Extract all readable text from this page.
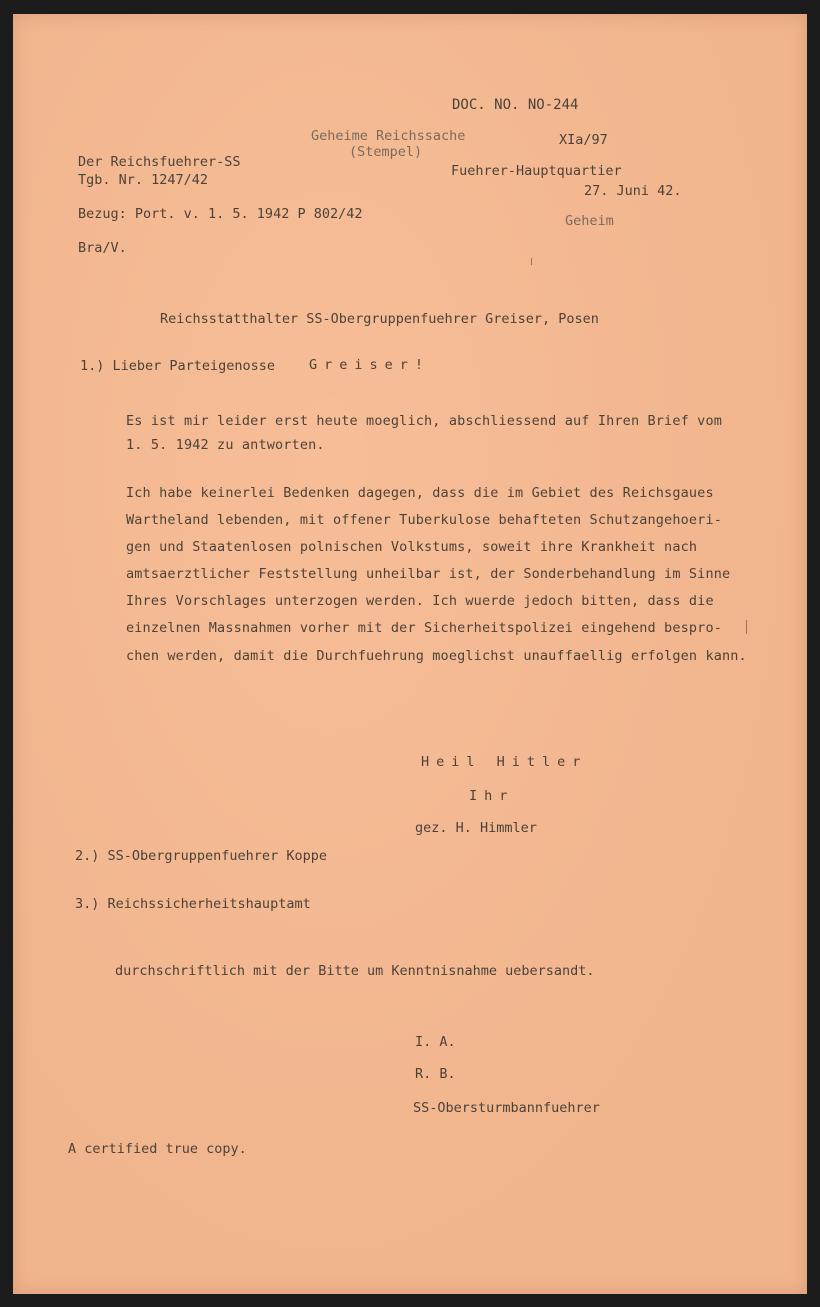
DOC. NO. NO-244
Geheime Reichssache
(Stempel)
XIa/97
Der Reichsfuehrer-SS
Tgb. Nr. 1247/42
Fuehrer-Hauptquartier
27. Juni 42.
Bezug: Port. v. 1. 5. 1942 P 802/42	Geheim
Bra/V.
Reichsstatthalter SS-Obergruppenfuehrer Greiser, Posen
1.) Lieber Parteigenosse	Greiser!
Es ist mir leider erst heute moeglich, abschliessend auf Ihren Brief vom
1. 5. 1942 zu antworten.
Ich habe keinerlei Bedenken dagegen, dass die im Gebiet des Reichsgaues
Wartheland lebenden, mit offener Tuberkulose behafteten Schutzangehoeri-
gen und Staatenlosen polnischen Volkstums, soweit ihre Krankheit nach
amtsaerztlicher Feststellung unheilbar ist, der Sonderbehandlung im Sinne
Ihres Vorschlages unterzogen werden. Ich wuerde jedoch bitten, dass die
einzelnen Massnahmen vorher mit der Sicherheitspolizei eingehend bespro-
chen werden, damit die Durchfuehrung moeglichst unauffaellig erfolgen kann.
Heil Hitler
Ihr
gez. H. Himmler
2.) SS-Obergruppenfuehrer Koppe
3.) Reichssicherheitshauptamt
durchschriftlich mit der Bitte um Kenntnisnahme uebersandt.
I. A.
R. B.
SS-Obersturmbannfuehrer
A certified true copy.
